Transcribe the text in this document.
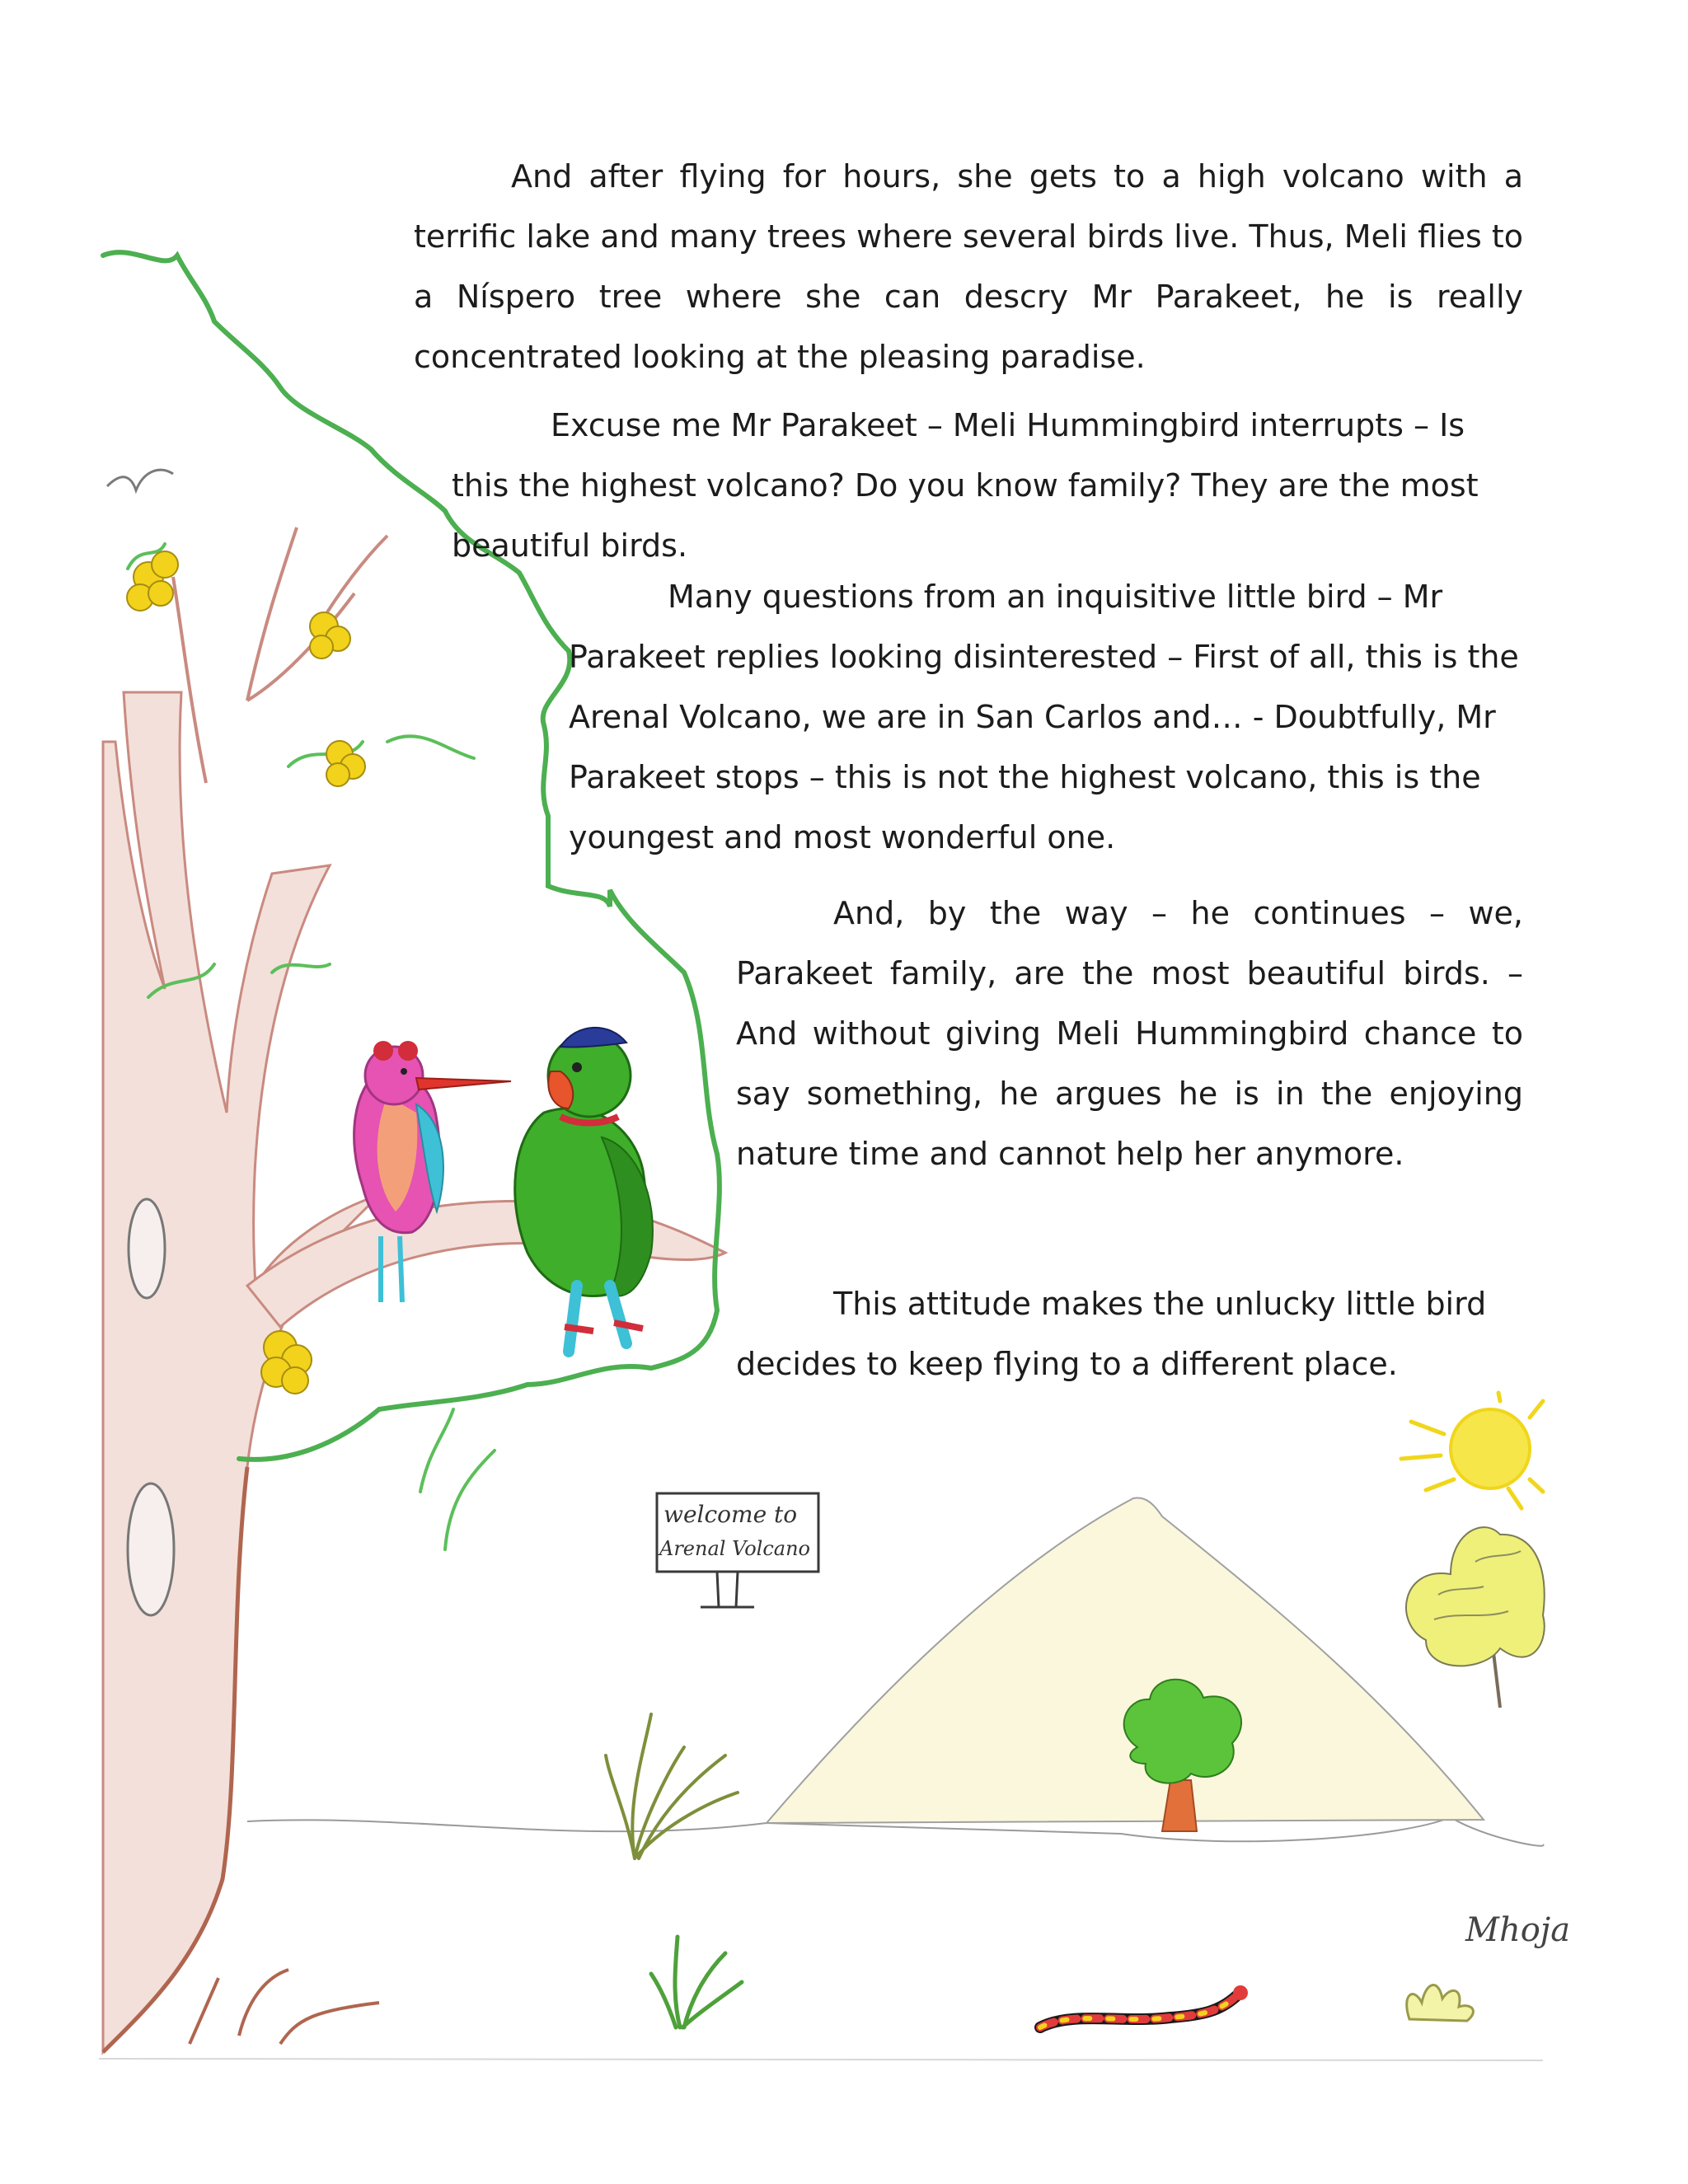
welcome to
Arenal Volcano
Mhoja

And after flying for hours, she gets to a high volcano with a terrific lake and many trees where several birds live. Thus, Meli flies to a Níspero tree where she can descry Mr Parakeet, he is really concentrated looking at the pleasing paradise.

Excuse me Mr Parakeet – Meli Hummingbird interrupts – Is this the highest volcano? Do you know family? They are the most beautiful birds.

Many questions from an inquisitive little bird – Mr Parakeet replies looking disinterested – First of all, this is the Arenal Volcano, we are in San Carlos and… - Doubtfully, Mr Parakeet stops – this is not the highest volcano, this is the youngest and most wonderful one.

And, by the way – he continues – we, Parakeet family, are the most beautiful birds. – And without giving Meli Hummingbird chance to say something, he argues he is in the enjoying nature time and cannot help her anymore.

This attitude makes the unlucky little bird decides to keep flying to a different place.
